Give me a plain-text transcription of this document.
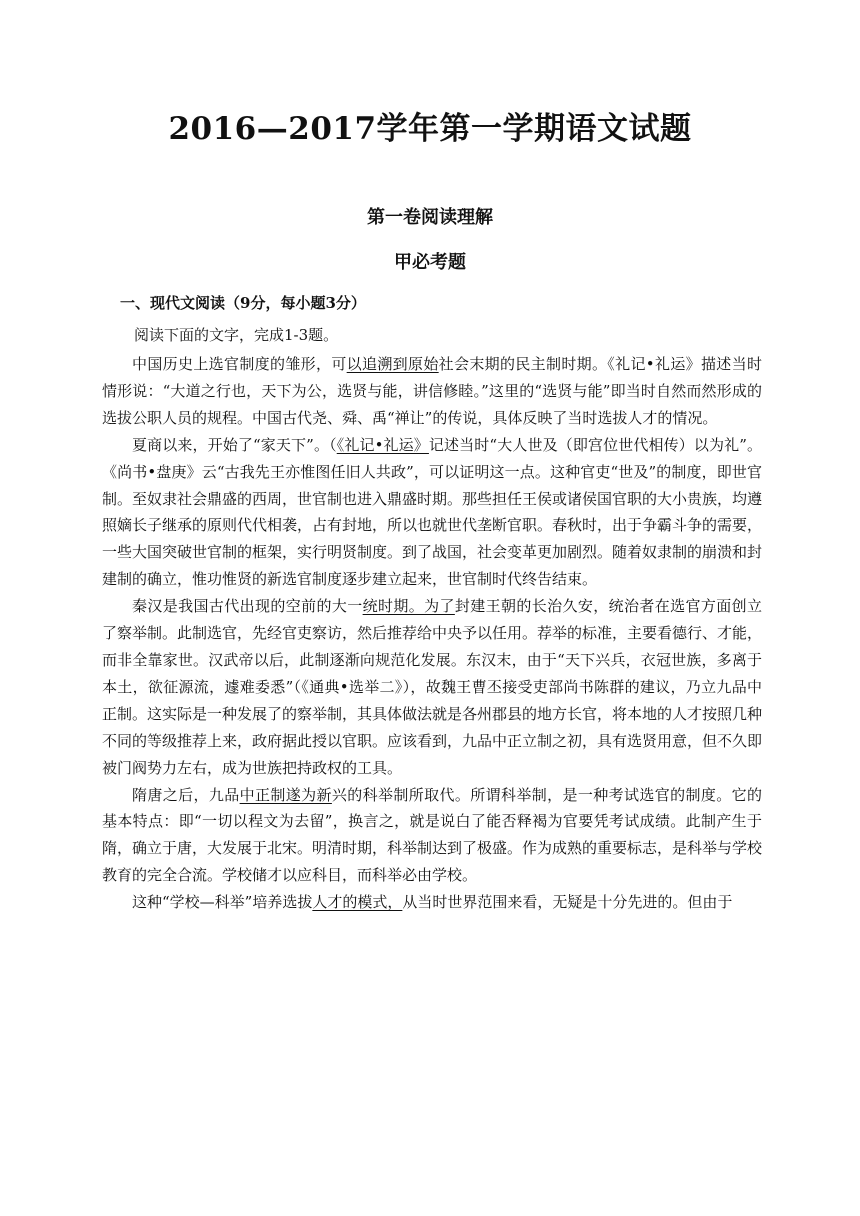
2016—2017学年第一学期语文试题
第一卷阅读理解
甲必考题
一、现代文阅读（9分，每小题3分）
阅读下面的文字，完成1-3题。

中国历史上选官制度的雏形，可以追溯到原始社会末期的民主制时期。《礼记•礼运》描述当时情形说：“大道之行也，天下为公，选贤与能，讲信修睦。”这里的“选贤与能”即当时自然而然形成的选拔公职人员的规程。中国古代尧、舜、禹“禅让”的传说，具体反映了当时选拔人才的情况。

夏商以来，开始了“家天下”。（《礼记•礼运》记述当时“大人世及（即宫位世代相传）以为礼”。《尚书•盘庚》云“古我先王亦惟图任旧人共政”，可以证明这一点。这种官吏“世及”的制度，即世官制。至奴隶社会鼎盛的西周，世官制也进入鼎盛时期。那些担任王侯或诸侯国官职的大小贵族，均遵照嫡长子继承的原则代代相袭，占有封地，所以也就世代垄断官职。春秋时，出于争霸斗争的需要，一些大国突破世官制的框架，实行明贤制度。到了战国，社会变革更加剧烈。随着奴隶制的崩溃和封建制的确立，惟功惟贤的新选官制度逐步建立起来，世官制时代终告结束。

秦汉是我国古代出现的空前的大一统时期。为了封建王朝的长治久安，统治者在选官方面创立了察举制。此制选官，先经官吏察访，然后推荐给中央予以任用。荐举的标准，主要看德行、才能，而非全靠家世。汉武帝以后，此制逐渐向规范化发展。东汉末，由于“天下兴兵，衣冠世族，多离于本土，欲征源流，遽难委悉”（《通典•选举二》），故魏王曹丕接受吏部尚书陈群的建议，乃立九品中正制。这实际是一种发展了的察举制，其具体做法就是各州郡县的地方长官，将本地的人才按照几种不同的等级推荐上来，政府据此授以官职。应该看到，九品中正立制之初，具有选贤用意，但不久即被门阀势力左右，成为世族把持政权的工具。

隋唐之后，九品中正制遂为新兴的科举制所取代。所谓科举制，是一种考试选官的制度。它的基本特点：即“一切以程文为去留”，换言之，就是说白了能否释褐为官要凭考试成绩。此制产生于隋，确立于唐，大发展于北宋。明清时期，科举制达到了极盛。作为成熟的重要标志，是科举与学校教育的完全合流。学校储才以应科目，而科举必由学校。

这种“学校—科举”培养选拔人才的模式，从当时世界范围来看，无疑是十分先进的。但由于
